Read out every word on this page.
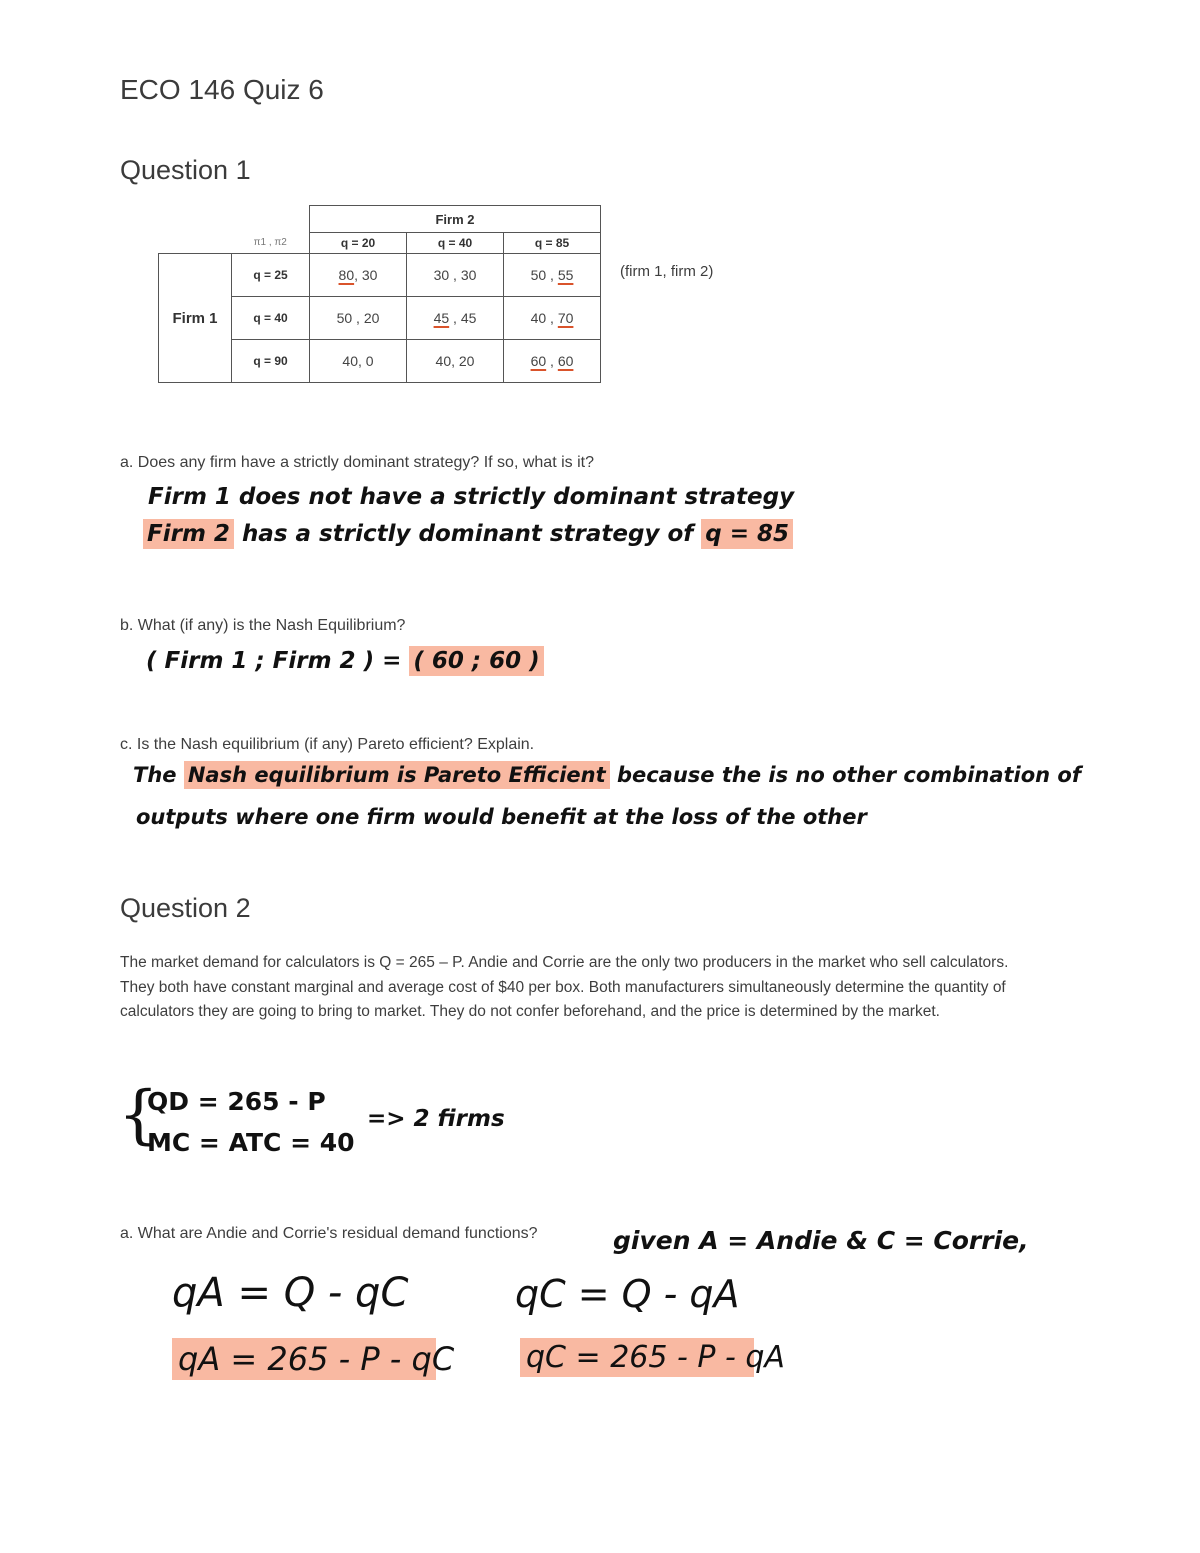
ECO 146 Quiz 6
Question 1
		Firm 2		
	π1 , π2	q = 20	q = 40	q = 85
Firm 1	q = 25	80, 30	30 , 30	50 , 55
	q = 40	50 , 20	45 , 45	40 , 70
	q = 90	40, 0	40, 20	60 , 60
(firm 1, firm 2)
a. Does any firm have a strictly dominant strategy? If so, what is it?
Firm 1 does not have a strictly dominant strategy
Firm 2 has a strictly dominant strategy of q = 85
b. What (if any) is the Nash Equilibrium?
( Firm 1 ; Firm 2 ) = ( 60 ; 60 )
c. Is the Nash equilibrium (if any) Pareto efficient? Explain.
The Nash equilibrium is Pareto Efficient because the is no other combination of
outputs where one firm would benefit at the loss of the other
Question 2
The market demand for calculators is Q = 265 – P. Andie and Corrie are the only two producers in the market who sell calculators.
They both have constant marginal and average cost of $40 per box. Both manufacturers simultaneously determine the quantity of
calculators they are going to bring to market. They do not confer beforehand, and the price is determined by the market.
{
QD = 265 - P
MC = ATC = 40
=> 2 firms
a. What are Andie and Corrie's residual demand functions?	given A = Andie & C = Corrie,
qA = Q - qC
qA = 265 - P - qC
qC = Q - qA
qC = 265 - P - qA
